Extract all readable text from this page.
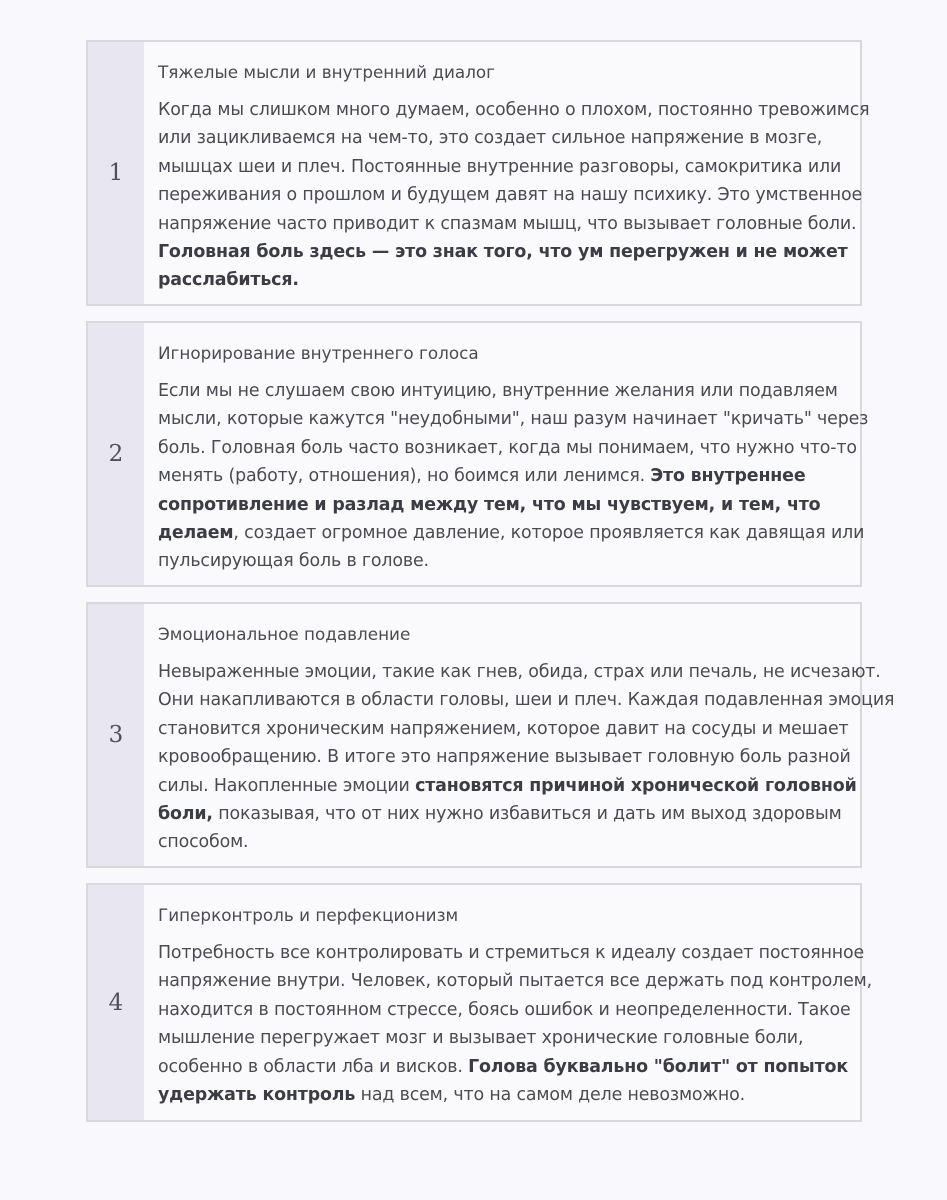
1
Тяжелые мысли и внутренний диалог

Когда мы слишком много думаем, особенно о плохом, постоянно тревожимся
или зацикливаемся на чем-то, это создает сильное напряжение в мозге,
мышцах шеи и плеч. Постоянные внутренние разговоры, самокритика или
переживания о прошлом и будущем давят на нашу психику. Это умственное
напряжение часто приводит к спазмам мышц, что вызывает головные боли.
Головная боль здесь — это знак того, что ум перегружен и не может
расслабиться.

2
Игнорирование внутреннего голоса

Если мы не слушаем свою интуицию, внутренние желания или подавляем
мысли, которые кажутся "неудобными", наш разум начинает "кричать" через
боль. Головная боль часто возникает, когда мы понимаем, что нужно что-то
менять (работу, отношения), но боимся или ленимся. Это внутреннее
сопротивление и разлад между тем, что мы чувствуем, и тем, что
делаем, создает огромное давление, которое проявляется как давящая или
пульсирующая боль в голове.

3
Эмоциональное подавление

Невыраженные эмоции, такие как гнев, обида, страх или печаль, не исчезают.
Они накапливаются в области головы, шеи и плеч. Каждая подавленная эмоция
становится хроническим напряжением, которое давит на сосуды и мешает
кровообращению. В итоге это напряжение вызывает головную боль разной
силы. Накопленные эмоции становятся причиной хронической головной
боли, показывая, что от них нужно избавиться и дать им выход здоровым
способом.

4
Гиперконтроль и перфекционизм

Потребность все контролировать и стремиться к идеалу создает постоянное
напряжение внутри. Человек, который пытается все держать под контролем,
находится в постоянном стрессе, боясь ошибок и неопределенности. Такое
мышление перегружает мозг и вызывает хронические головные боли,
особенно в области лба и висков. Голова буквально "болит" от попыток
удержать контроль над всем, что на самом деле невозможно.
